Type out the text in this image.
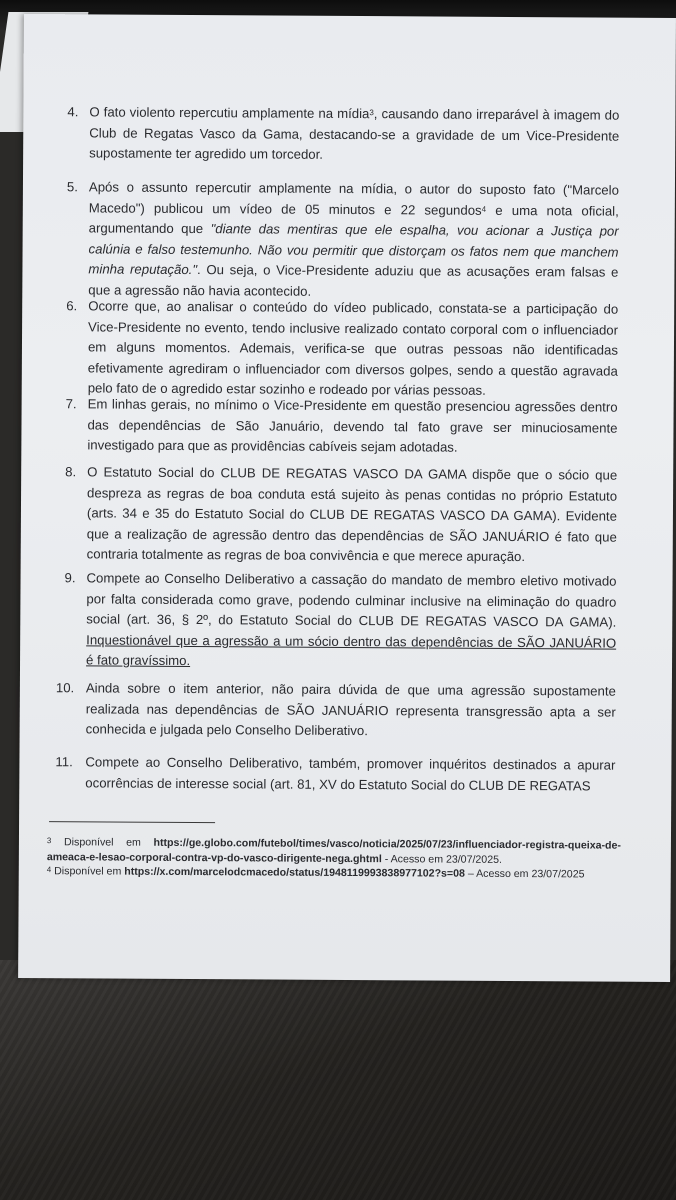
4. O fato violento repercutiu amplamente na mídia$^3$, causando dano irreparável à imagem do Club de Regatas Vasco da Gama, destacando-se a gravidade de um Vice-Presidente supostamente ter agredido um torcedor.
5. Após o assunto repercutir amplamente na mídia, o autor do suposto fato ("Marcelo Macedo") publicou um vídeo de 05 minutos e 22 segundos$^4$ e uma nota oficial, argumentando que "diante das mentiras que ele espalha, vou acionar a Justiça por calúnia e falso testemunho. Não vou permitir que distorçam os fatos nem que manchem minha reputação.". Ou seja, o Vice-Presidente aduziu que as acusações eram falsas e que a agressão não havia acontecido.
6. Ocorre que, ao analisar o conteúdo do vídeo publicado, constata-se a participação do Vice-Presidente no evento, tendo inclusive realizado contato corporal com o influenciador em alguns momentos. Ademais, verifica-se que outras pessoas não identificadas efetivamente agrediram o influenciador com diversos golpes, sendo a questão agravada pelo fato de o agredido estar sozinho e rodeado por várias pessoas.
7. Em linhas gerais, no mínimo o Vice-Presidente em questão presenciou agressões dentro das dependências de São Januário, devendo tal fato grave ser minuciosamente investigado para que as providências cabíveis sejam adotadas.
8. O Estatuto Social do CLUB DE REGATAS VASCO DA GAMA dispõe que o sócio que despreza as regras de boa conduta está sujeito às penas contidas no próprio Estatuto (arts. 34 e 35 do Estatuto Social do CLUB DE REGATAS VASCO DA GAMA). Evidente que a realização de agressão dentro das dependências de SÃO JANUÁRIO é fato que contraria totalmente as regras de boa convivência e que merece apuração.
9. Compete ao Conselho Deliberativo a cassação do mandato de membro eletivo motivado por falta considerada como grave, podendo culminar inclusive na eliminação do quadro social (art. 36, § 2º, do Estatuto Social do CLUB DE REGATAS VASCO DA GAMA). Inquestionável que a agressão a um sócio dentro das dependências de SÃO JANUÁRIO é fato gravíssimo.
10. Ainda sobre o item anterior, não paira dúvida de que uma agressão supostamente realizada nas dependências de SÃO JANUÁRIO representa transgressão apta a ser conhecida e julgada pelo Conselho Deliberativo.
11. Compete ao Conselho Deliberativo, também, promover inquéritos destinados a apurar ocorrências de interesse social (art. 81, XV do Estatuto Social do CLUB DE REGATAS
$^3$ Disponível em https://ge.globo.com/futebol/times/vasco/noticia/2025/07/23/influenciador-registra-queixa-de-ameaca-e-lesao-corporal-contra-vp-do-vasco-dirigente-nega.ghtml - Acesso em 23/07/2025.
$^4$ Disponível em https://x.com/marcelodcmacedo/status/1948119993838977102?s=08 – Acesso em 23/07/2025
